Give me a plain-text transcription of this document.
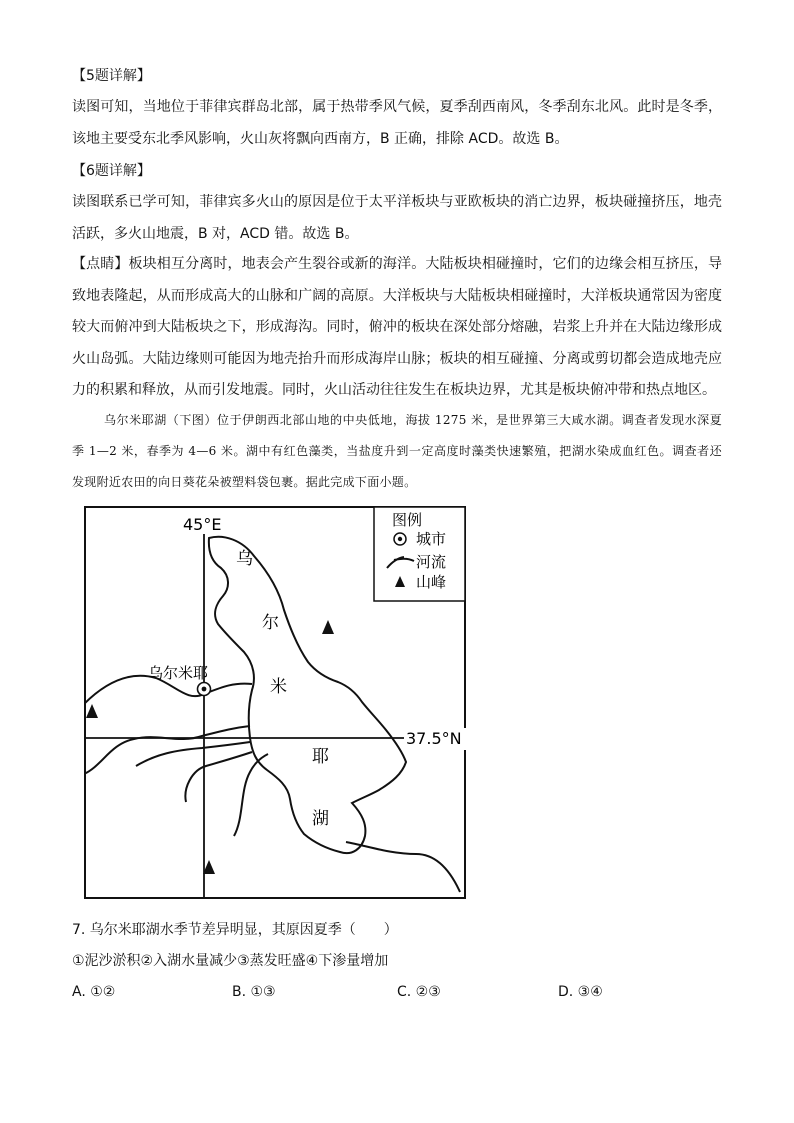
【5题详解】
读图可知，当地位于菲律宾群岛北部，属于热带季风气候，夏季刮西南风，冬季刮东北风。此时是冬季，该地主要受东北季风影响，火山灰将飘向西南方，B 正确，排除 ACD。故选 B。
【6题详解】
读图联系已学可知，菲律宾多火山的原因是位于太平洋板块与亚欧板块的消亡边界，板块碰撞挤压，地壳活跃，多火山地震，B 对，ACD 错。故选 B。
【点睛】板块相互分离时，地表会产生裂谷或新的海洋。大陆板块相碰撞时，它们的边缘会相互挤压，导致地表隆起，从而形成高大的山脉和广阔的高原。大洋板块与大陆板块相碰撞时，大洋板块通常因为密度较大而俯冲到大陆板块之下，形成海沟。同时，俯冲的板块在深处部分熔融，岩浆上升并在大陆边缘形成火山岛弧。大陆边缘则可能因为地壳抬升而形成海岸山脉；板块的相互碰撞、分离或剪切都会造成地壳应力的积累和释放，从而引发地震。同时，火山活动往往发生在板块边界，尤其是板块俯冲带和热点地区。
乌尔米耶湖（下图）位于伊朗西北部山地的中央低地，海拔 1275 米，是世界第三大咸水湖。调查者发现水深夏季 1—2 米，春季为 4—6 米。湖中有红色藻类，当盐度升到一定高度时藻类快速繁殖，把湖水染成血红色。调查者还发现附近农田的向日葵花朵被塑料袋包裹。据此完成下面小题。
图例
城市
河流
山峰
45°E
37.5°N
乌尔米耶
乌
尔
米
耶
湖
7. 乌尔米耶湖水季节差异明显，其原因夏季（　　）
①泥沙淤积②入湖水量减少③蒸发旺盛④下渗量增加
A. ①②	B. ①③	C. ②③	D. ③④
